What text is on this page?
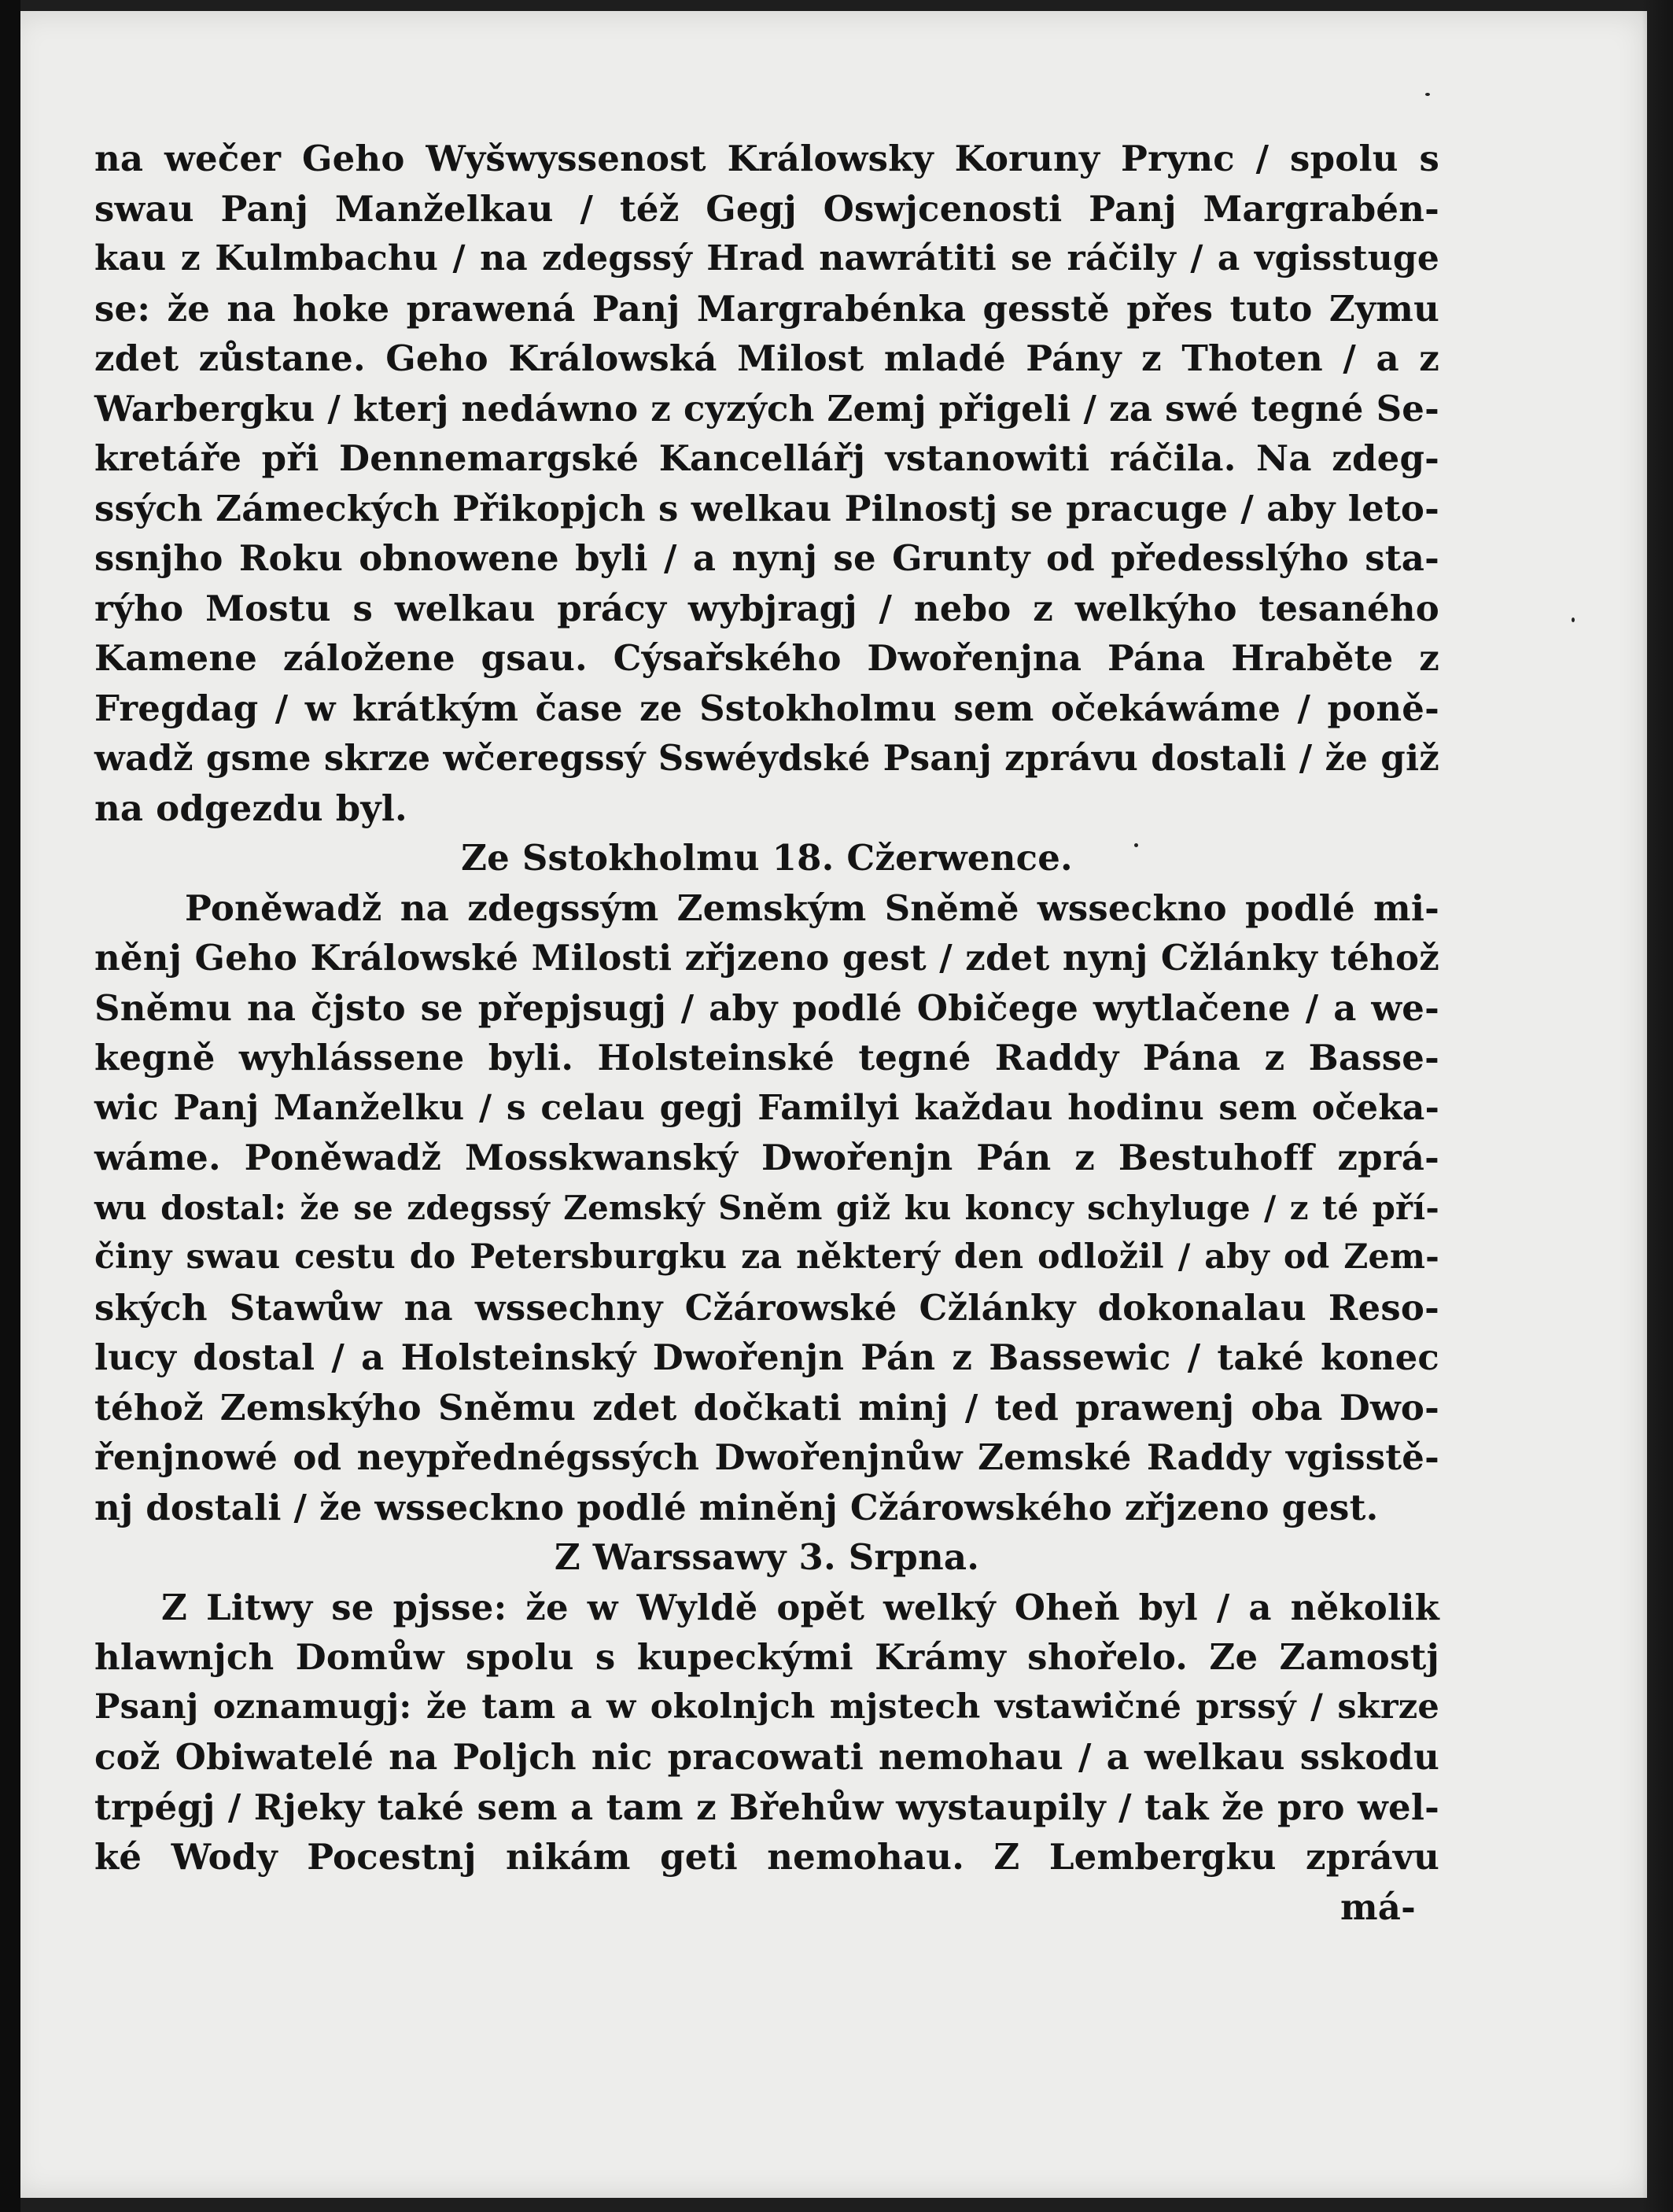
na wečer Geho Wyšwyssenost Králowsky Koruny Prync / spolu s
swau Panj Manželkau / též Gegj Oswjcenosti Panj Margrabén-
kau z Kulmbachu / na zdegssý Hrad nawrátiti se ráčily / a vgisstuge
se: že na hoke prawená Panj Margrabénka gesstě přes tuto Zymu
zdet zůstane. Geho Králowská Milost mladé Pány z Thoten / a z
Warbergku / kterj nedáwno z cyzých Zemj přigeli / za swé tegné Se-
kretáře při Dennemargské Kancellářj vstanowiti ráčila. Na zdeg-
ssých Zámeckých Přikopjch s welkau Pilnostj se pracuge / aby leto-
ssnjho Roku obnowene byli / a nynj se Grunty od předesslýho sta-
rýho Mostu s welkau prácy wybjragj / nebo z welkýho tesaného
Kamene záložene gsau. Cýsařského Dwořenjna Pána Hraběte z
Fregdag / w krátkým čase ze Sstokholmu sem očekáwáme / poně-
wadž gsme skrze wčeregssý Sswéydské Psanj zprávu dostali / že giž
na odgezdu byl.
Ze Sstokholmu 18. Cžerwence.
Poněwadž na zdegssým Zemským Sněmě wsseckno podlé mi-
něnj Geho Králowské Milosti zřjzeno gest / zdet nynj Cžlánky téhož
Sněmu na čjsto se přepjsugj / aby podlé Običege wytlačene / a we-
kegně wyhlássene byli. Holsteinské tegné Raddy Pána z Basse-
wic Panj Manželku / s celau gegj Familyi každau hodinu sem očeka-
wáme. Poněwadž Mosskwanský Dwořenjn Pán z Bestuhoff zprá-
wu dostal: že se zdegssý Zemský Sněm giž ku koncy schyluge / z té pří-
činy swau cestu do Petersburgku za některý den odložil / aby od Zem-
ských Stawůw na wssechny Cžárowské Cžlánky dokonalau Reso-
lucy dostal / a Holsteinský Dwořenjn Pán z Bassewic / také konec
téhož Zemskýho Sněmu zdet dočkati minj / ted prawenj oba Dwo-
řenjnowé od neypřednégssých Dwořenjnůw Zemské Raddy vgisstě-
nj dostali / že wsseckno podlé miněnj Cžárowského zřjzeno gest.
Z Warssawy 3. Srpna.
Z Litwy se pjsse: že w Wyldě opět welký Oheň byl / a několik
hlawnjch Domůw spolu s kupeckými Krámy shořelo. Ze Zamostj
Psanj oznamugj: že tam a w okolnjch mjstech vstawičné prssý / skrze
což Obiwatelé na Poljch nic pracowati nemohau / a welkau sskodu
trpégj / Rjeky také sem a tam z Břehůw wystaupily / tak že pro wel-
ké Wody Pocestnj nikám geti nemohau. Z Lembergku zprávu
má-
